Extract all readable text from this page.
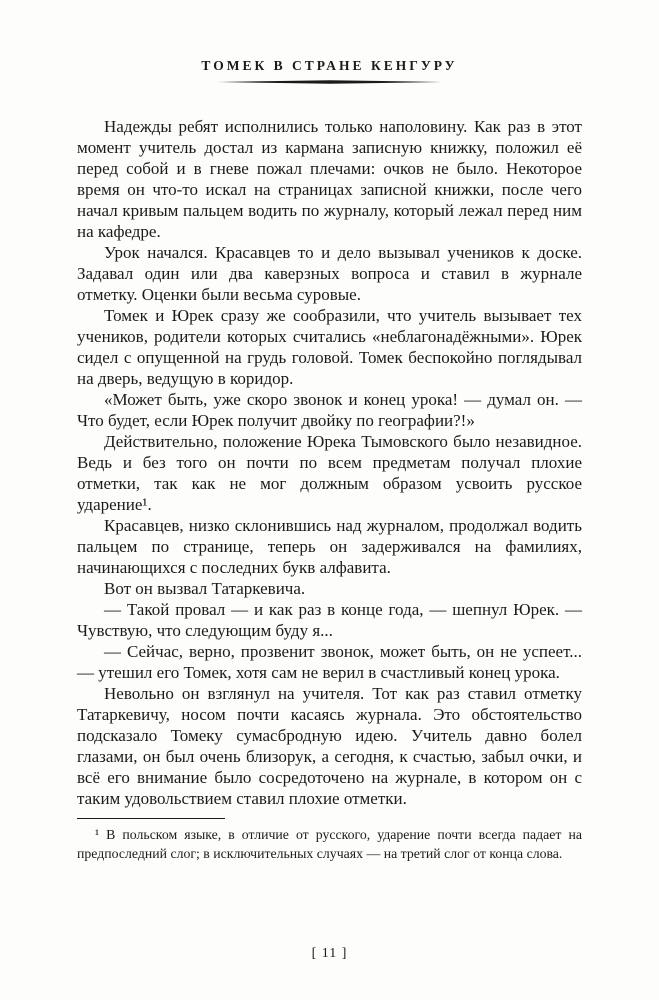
ТОМЕК В СТРАНЕ КЕНГУРУ

Надежды ребят исполнились только наполовину. Как раз в этот момент учитель достал из кармана записную книжку, положил её перед собой и в гневе пожал плечами: очков не было. Некоторое время он что-то искал на страницах записной книжки, после чего начал кривым пальцем водить по журналу, который лежал перед ним на кафедре.

Урок начался. Красавцев то и дело вызывал учеников к доске. Задавал один или два каверзных вопроса и ставил в журнале отметку. Оценки были весьма суровые.

Томек и Юрек сразу же сообразили, что учитель вызывает тех учеников, родители которых считались «неблагонадёжными». Юрек сидел с опущенной на грудь головой. Томек беспокойно поглядывал на дверь, ведущую в коридор.

«Может быть, уже скоро звонок и конец урока! — думал он. — Что будет, если Юрек получит двойку по географии?!»

Действительно, положение Юрека Тымовского было незавидное. Ведь и без того он почти по всем предметам получал плохие отметки, так как не мог должным образом усвоить русское ударение¹.

Красавцев, низко склонившись над журналом, продолжал водить пальцем по странице, теперь он задерживался на фамилиях, начинающихся с последних букв алфавита.

Вот он вызвал Татаркевича.

— Такой провал — и как раз в конце года, — шепнул Юрек. — Чувствую, что следующим буду я...

— Сейчас, верно, прозвенит звонок, может быть, он не успеет... — утешил его Томек, хотя сам не верил в счастливый конец урока.

Невольно он взглянул на учителя. Тот как раз ставил отметку Татаркевичу, носом почти касаясь журнала. Это обстоятельство подсказало Томеку сумасбродную идею. Учитель давно болел глазами, он был очень близорук, а сегодня, к счастью, забыл очки, и всё его внимание было сосредоточено на журнале, в котором он с таким удовольствием ставил плохие отметки.

¹ В польском языке, в отличие от русского, ударение почти всегда падает на предпоследний слог; в исключительных случаях — на третий слог от конца слова.

[ 11 ]
